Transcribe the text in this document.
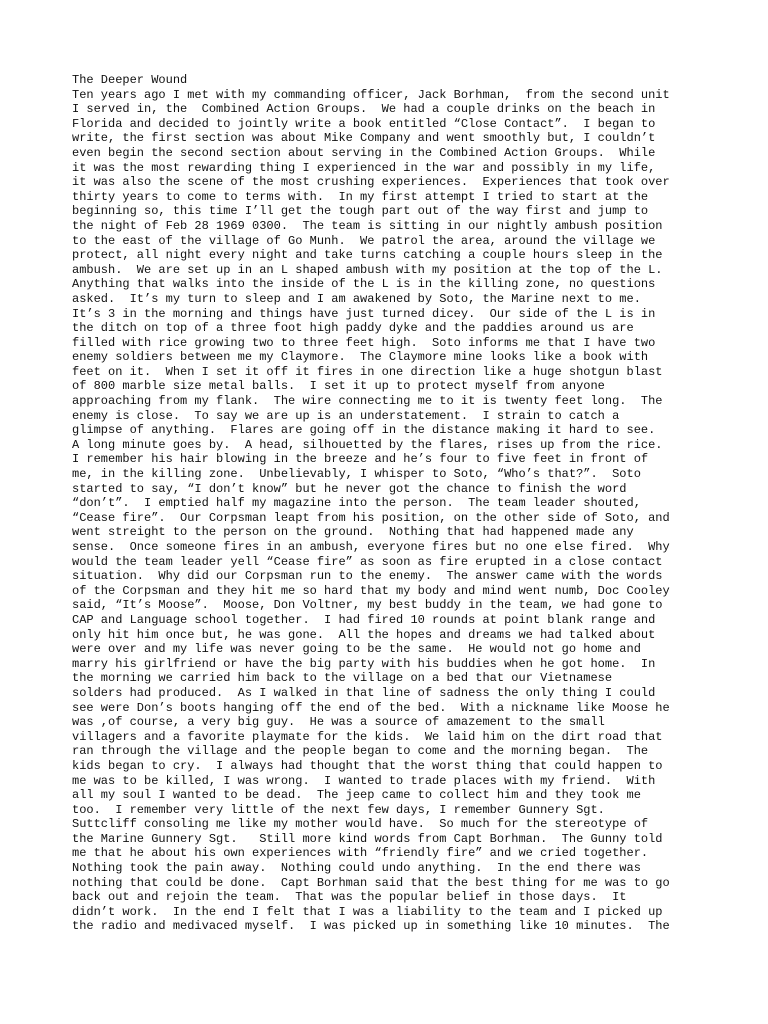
The Deeper Wound
Ten years ago I met with my commanding officer, Jack Borhman,  from the second unit
I served in, the  Combined Action Groups.  We had a couple drinks on the beach in
Florida and decided to jointly write a book entitled “Close Contact”.  I began to
write, the first section was about Mike Company and went smoothly but, I couldn’t
even begin the second section about serving in the Combined Action Groups.  While
it was the most rewarding thing I experienced in the war and possibly in my life,
it was also the scene of the most crushing experiences.  Experiences that took over
thirty years to come to terms with.  In my first attempt I tried to start at the
beginning so, this time I’ll get the tough part out of the way first and jump to
the night of Feb 28 1969 0300.  The team is sitting in our nightly ambush position
to the east of the village of Go Munh.  We patrol the area, around the village we
protect, all night every night and take turns catching a couple hours sleep in the
ambush.  We are set up in an L shaped ambush with my position at the top of the L.
Anything that walks into the inside of the L is in the killing zone, no questions
asked.  It’s my turn to sleep and I am awakened by Soto, the Marine next to me.
It’s 3 in the morning and things have just turned dicey.  Our side of the L is in
the ditch on top of a three foot high paddy dyke and the paddies around us are
filled with rice growing two to three feet high.  Soto informs me that I have two
enemy soldiers between me my Claymore.  The Claymore mine looks like a book with
feet on it.  When I set it off it fires in one direction like a huge shotgun blast
of 800 marble size metal balls.  I set it up to protect myself from anyone
approaching from my flank.  The wire connecting me to it is twenty feet long.  The
enemy is close.  To say we are up is an understatement.  I strain to catch a
glimpse of anything.  Flares are going off in the distance making it hard to see.
A long minute goes by.  A head, silhouetted by the flares, rises up from the rice.
I remember his hair blowing in the breeze and he’s four to five feet in front of
me, in the killing zone.  Unbelievably, I whisper to Soto, “Who’s that?”.  Soto
started to say, “I don’t know” but he never got the chance to finish the word
“don’t”.  I emptied half my magazine into the person.  The team leader shouted,
“Cease fire”.  Our Corpsman leapt from his position, on the other side of Soto, and
went streight to the person on the ground.  Nothing that had happened made any
sense.  Once someone fires in an ambush, everyone fires but no one else fired.  Why
would the team leader yell “Cease fire” as soon as fire erupted in a close contact
situation.  Why did our Corpsman run to the enemy.  The answer came with the words
of the Corpsman and they hit me so hard that my body and mind went numb, Doc Cooley
said, “It’s Moose”.  Moose, Don Voltner, my best buddy in the team, we had gone to
CAP and Language school together.  I had fired 10 rounds at point blank range and
only hit him once but, he was gone.  All the hopes and dreams we had talked about
were over and my life was never going to be the same.  He would not go home and
marry his girlfriend or have the big party with his buddies when he got home.  In
the morning we carried him back to the village on a bed that our Vietnamese
solders had produced.  As I walked in that line of sadness the only thing I could
see were Don’s boots hanging off the end of the bed.  With a nickname like Moose he
was ,of course, a very big guy.  He was a source of amazement to the small
villagers and a favorite playmate for the kids.  We laid him on the dirt road that
ran through the village and the people began to come and the morning began.  The
kids began to cry.  I always had thought that the worst thing that could happen to
me was to be killed, I was wrong.  I wanted to trade places with my friend.  With
all my soul I wanted to be dead.  The jeep came to collect him and they took me
too.  I remember very little of the next few days, I remember Gunnery Sgt.
Suttcliff consoling me like my mother would have.  So much for the stereotype of
the Marine Gunnery Sgt.   Still more kind words from Capt Borhman.  The Gunny told
me that he about his own experiences with “friendly fire” and we cried together.
Nothing took the pain away.  Nothing could undo anything.  In the end there was
nothing that could be done.  Capt Borhman said that the best thing for me was to go
back out and rejoin the team.  That was the popular belief in those days.  It
didn’t work.  In the end I felt that I was a liability to the team and I picked up
the radio and medivaced myself.  I was picked up in something like 10 minutes.  The
